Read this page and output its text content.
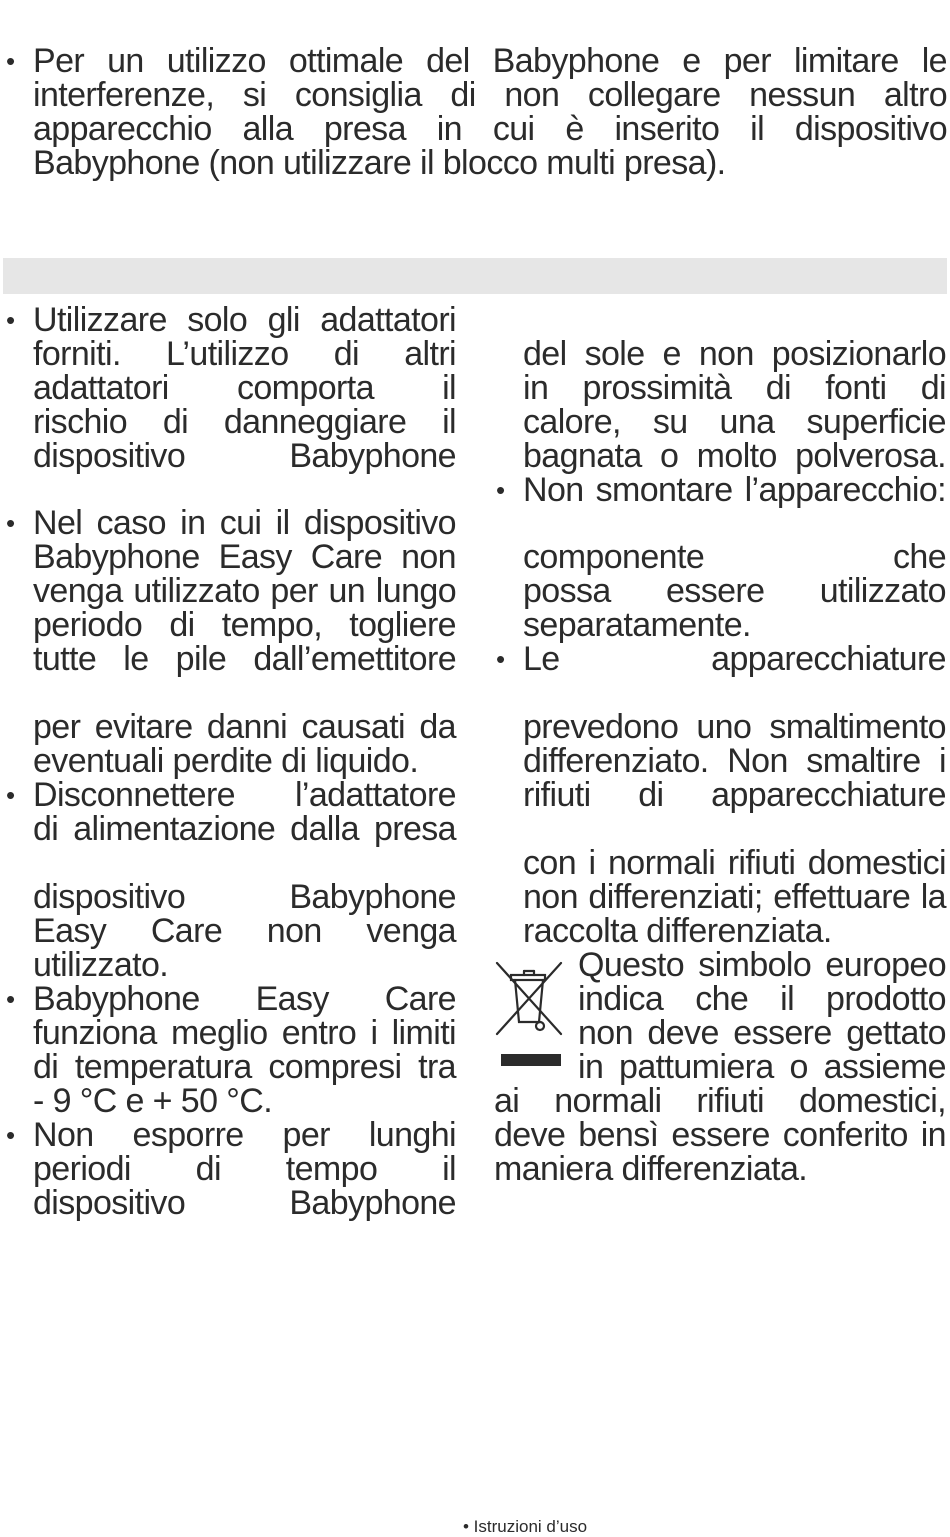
• Per un utilizzo ottimale del Babyphone e per limitare le
interferenze, si consiglia di non collegare nessun altro
apparecchio alla presa in cui è inserito il dispositivo
Babyphone (non utilizzare il blocco multi presa).
• Utilizzare solo gli adattatori
forniti. L’utilizzo di altri
adattatori comporta il
rischio di danneggiare il
dispositivo Babyphone
• Nel caso in cui il dispositivo
Babyphone Easy Care non
venga utilizzato per un lungo
periodo di tempo, togliere
tutte le pile dall’emettitore
per evitare danni causati da
eventuali perdite di liquido.
• Disconnettere l’adattatore
di alimentazione dalla presa
dispositivo Babyphone
Easy Care non venga
utilizzato.
• Babyphone Easy Care
funziona meglio entro i limiti
di temperatura compresi tra
- 9 °C e + 50 °C.
• Non esporre per lunghi
periodi di tempo il
dispositivo Babyphone
del sole e non posizionarlo
in prossimità di fonti di
calore, su una superficie
bagnata o molto polverosa.
• Non smontare l’apparecchio:
componente che
possa essere utilizzato
separatamente.
• Le apparecchiature
prevedono uno smaltimento
differenziato. Non smaltire i
rifiuti di apparecchiature
con i normali rifiuti domestici
non differenziati; effettuare la
raccolta differenziata.
Questo simbolo europeo
indica che il prodotto
non deve essere gettato
in pattumiera o assieme
ai normali rifiuti domestici,
deve bensì essere conferito in
maniera differenziata.
• Istruzioni d’uso
